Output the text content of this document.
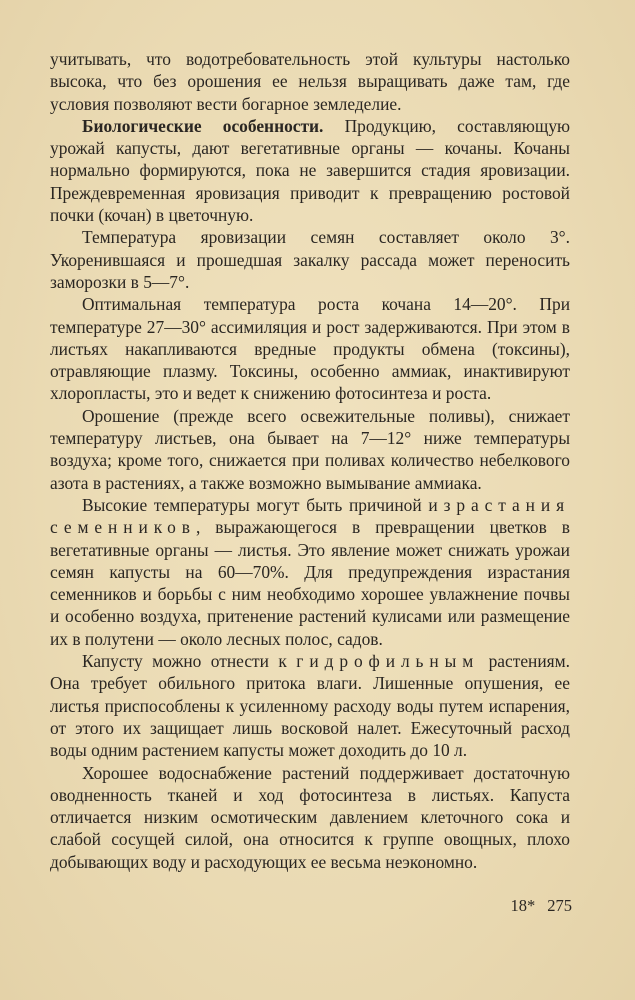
учитывать, что водотребовательность этой культуры настолько высока, что без орошения ее нельзя выращивать даже там, где условия позволяют вести богарное земледелие.

Биологические особенности. Продукцию, составляющую урожай капусты, дают вегетативные органы — кочаны. Кочаны нормально формируются, пока не завершится стадия яровизации. Преждевременная яровизация приводит к превращению ростовой почки (кочан) в цветочную.

Температура яровизации семян составляет около 3°. Укоренившаяся и прошедшая закалку рассада может переносить заморозки в 5—7°.

Оптимальная температура роста кочана 14—20°. При температуре 27—30° ассимиляция и рост задерживаются. При этом в листьях накапливаются вредные продукты обмена (токсины), отравляющие плазму. Токсины, особенно аммиак, инактивируют хлоропласты, это и ведет к снижению фотосинтеза и роста.

Орошение (прежде всего освежительные поливы), снижает температуру листьев, она бывает на 7—12° ниже температуры воздуха; кроме того, снижается при поливах количество небелкового азота в растениях, а также возможно вымывание аммиака.

Высокие температуры могут быть причиной израстания семенников, выражающегося в превращении цветков в вегетативные органы — листья. Это явление может снижать урожаи семян капусты на 60—70%. Для предупреждения израстания семенников и борьбы с ним необходимо хорошее увлажнение почвы и особенно воздуха, притенение растений кулисами или размещение их в полутени — около лесных полос, садов.

Капусту можно отнести к гидрофильным растениям. Она требует обильного притока влаги. Лишенные опушения, ее листья приспособлены к усиленному расходу воды путем испарения, от этого их защищает лишь восковой налет. Ежесуточный расход воды одним растением капусты может доходить до 10 л.

Хорошее водоснабжение растений поддерживает достаточную оводненность тканей и ход фотосинтеза в листьях. Капуста отличается низким осмотическим давлением клеточного сока и слабой сосущей силой, она относится к группе овощных, плохо добывающих воду и расходующих ее весьма неэкономно.

18* 275
